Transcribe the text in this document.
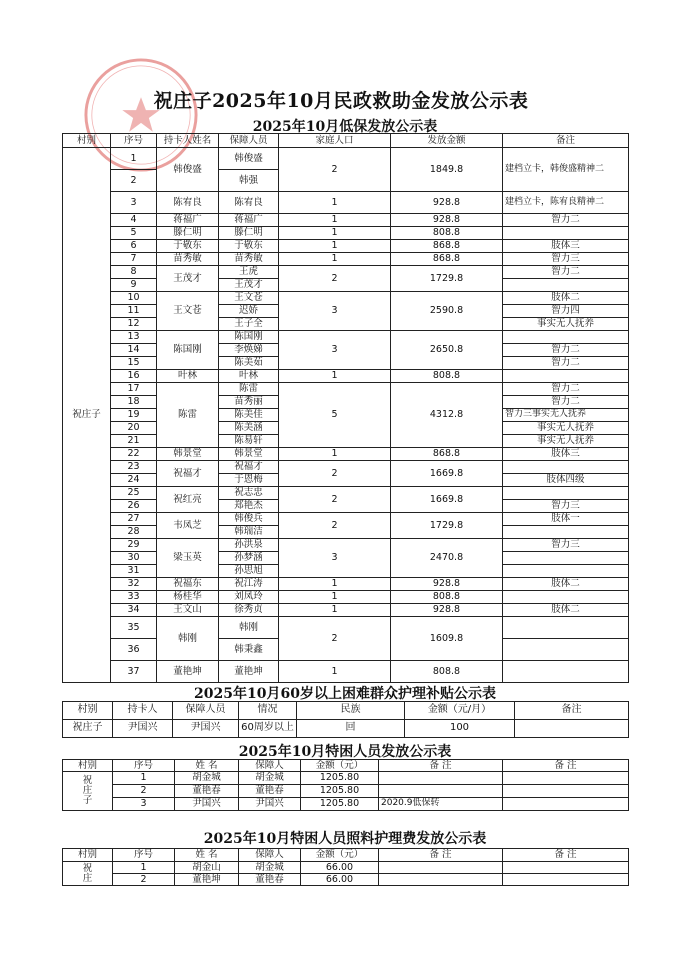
祝庄子2025年10月民政救助金发放公示表
2025年10月低保发放公示表
村别	序号	持卡人姓名	保障人员	家庭人口	发放金额	备注
祝庄子	1	韩俊盛	韩俊盛	2	1849.8	建档立卡，韩俊盛精神二
	2		韩强			
	3	陈宥良	陈宥良	1	928.8	建档立卡，陈宥良精神二
	4	蒋福广	蒋福广	1	928.8	智力二
	5	滕仁明	滕仁明	1	808.8	
	6	于敬东	于敬东	1	868.8	肢体三
	7	苗秀敏	苗秀敏	1	868.8	智力三
	8	王茂才	王虎	2	1729.8	智力二
	9		王茂才			
	10	王文苍	王文苍	3	2590.8	肢体二
	11		迟娇			智力四
	12		王子全			事实无人抚养
	13	陈国刚	陈国刚	3	2650.8	
	14		李焕娣			智力二
	15		陈美茹			智力二
	16	叶林	叶林	1	808.8	
	17	陈雷	陈雷	5	4312.8	智力二
	18		苗秀丽			智力二
	19		陈美佳			智力三事实无人抚养
	20		陈美涵			事实无人抚养
	21		陈易轩			事实无人抚养
	22	韩景堂	韩景堂	1	868.8	肢体三
	23	祝福才	祝福才	2	1669.8	
	24		于恩梅			肢体四级
	25	祝红亮	祝志忠	2	1669.8	
	26		郑艳杰			智力三
	27	韦凤芝	韩俊兵	2	1729.8	肢体一
	28		韩瑞洁			
	29	梁玉英	孙洪泉	3	2470.8	智力三
	30		孙梦涵			
	31		孙思旭			
	32	祝福东	祝江涛	1	928.8	肢体二
	33	杨桂华	刘凤玲	1	808.8	
	34	王文山	徐秀贞	1	928.8	肢体二
	35	韩刚	韩刚	2	1609.8	
	36		韩秉鑫			
	37	董艳坤	董艳坤	1	808.8	
2025年10月60岁以上困难群众护理补贴公示表
村别	持卡人	保障人员	情况	民族	金额（元/月）	备注
祝庄子	尹国兴	尹国兴	60周岁以上	回	100	
2025年10月特困人员发放公示表
村别	序号	姓 名	保障人	金额（元）	备 注	备 注

祝
庄
子	1	胡金城	胡金城	1205.80		
	2	董艳春	董艳春	1205.80		
	3	尹国兴	尹国兴	1205.80	2020.9低保转	
2025年10月特困人员照料护理费发放公示表
村别	序号	姓 名	保障人	金额（元）	备 注	备 注

祝
庄	1	胡金山	胡金城	66.00		
	2	董艳坤	董艳春	66.00		
